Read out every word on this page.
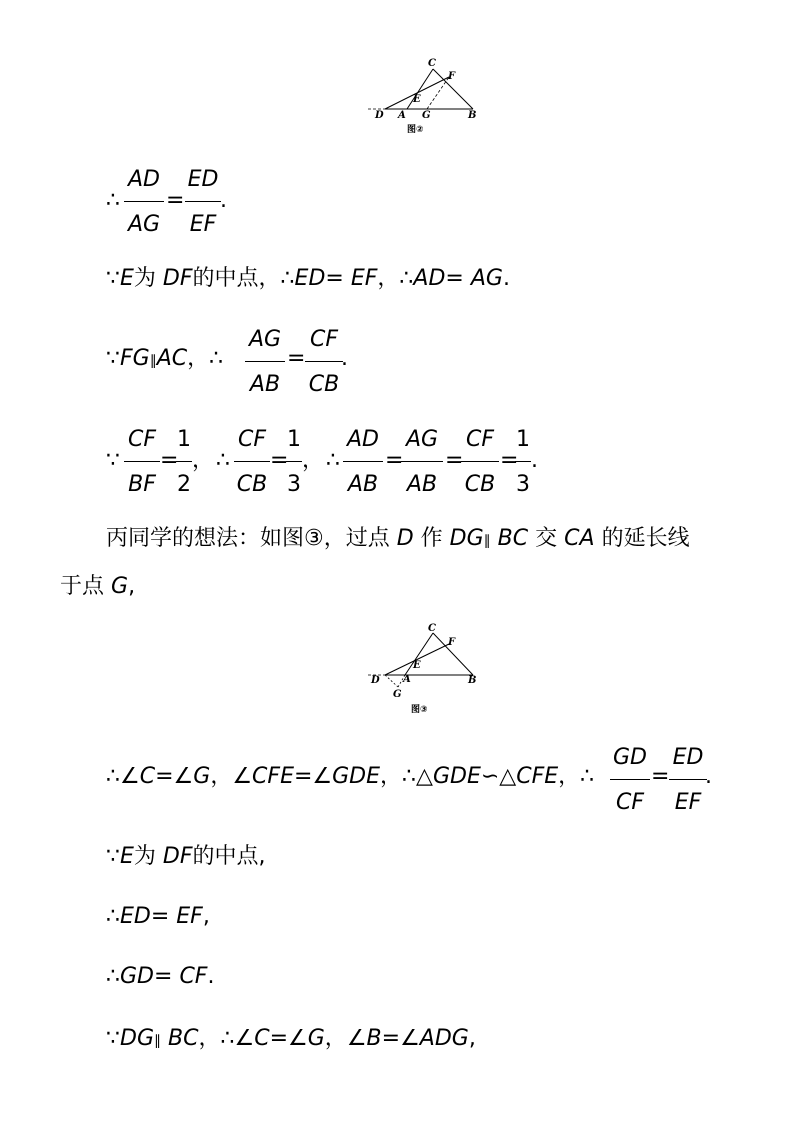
C
F
E
D A G	B
图②
∴
AD
AG
=
ED
EF
.
∵E为 DF的中点，∴ED= EF，∴AD= AG.
∵FG∥AC，∴
AG
AB
=
CF
CB
.
∵
CF
BF
=
1
2
， ∴
CF
CB
=
1
3
， ∴
AD
AB
=
AG
AB
=
CF
CB
=
1
3
.
丙同学的想法：如图③，过点 D 作 DG∥ BC 交 CA 的延长线
于点 G,
C
F
E
D A
G
B
图③
∴∠C=∠G，∠CFE=∠GDE，∴△GDE∽△CFE，∴
GD
CF
=
ED
EF
.
∵E为 DF的中点,
∴ED= EF,
∴GD= CF.
∵DG∥ BC，∴∠C=∠G，∠B=∠ADG,
